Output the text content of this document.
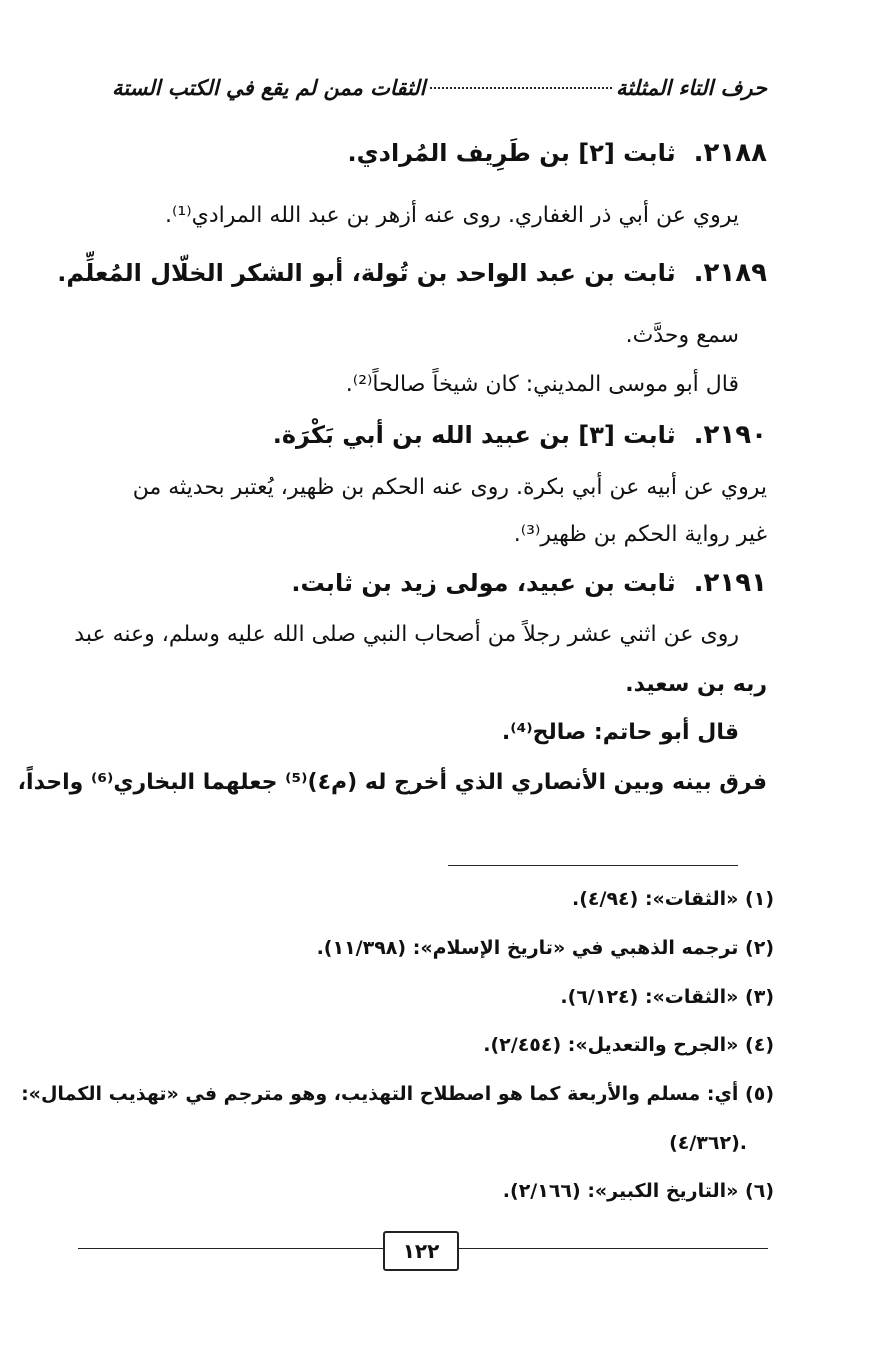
حرف التاء المثلثة
الثقات ممن لم يقع في الكتب الستة
٢١٨٨.ثابت [٢] بن طَرِيف المُرادي.
يروي عن أبي ذر الغفاري. روى عنه أزهر بن عبد الله المرادي⁽¹⁾.
٢١٨٩.ثابت بن عبد الواحد بن تُولة، أبو الشكر الخلّال المُعلِّم.
سمع وحدَّث.
قال أبو موسى المديني: كان شيخاً صالحاً⁽²⁾.
٢١٩٠.ثابت [٣] بن عبيد الله بن أبي بَكْرَة.
يروي عن أبيه عن أبي بكرة. روى عنه الحكم بن ظهير، يُعتبر بحديثه من
غير رواية الحكم بن ظهير⁽³⁾.
٢١٩١.ثابت بن عبيد، مولى زيد بن ثابت.
روى عن اثني عشر رجلاً من أصحاب النبي صلى الله عليه وسلم، وعنه عبد
ربه بن سعيد.
قال أبو حاتم: صالح⁽⁴⁾.
فرق بينه وبين الأنصاري الذي أخرج له (م٤)⁽⁵⁾ جعلهما البخاري⁽⁶⁾ واحداً،
(١) «الثقات»: (٤/٩٤).
(٢) ترجمه الذهبي في «تاريخ الإسلام»: (١١/٣٩٨).
(٣) «الثقات»: (٦/١٢٤).
(٤) «الجرح والتعديل»: (٢/٤٥٤).
(٥) أي: مسلم والأربعة كما هو اصطلاح التهذيب، وهو مترجم في «تهذيب الكمال»:
(٤/٣٦٢).
(٦) «التاريخ الكبير»: (٢/١٦٦).
١٢٢
